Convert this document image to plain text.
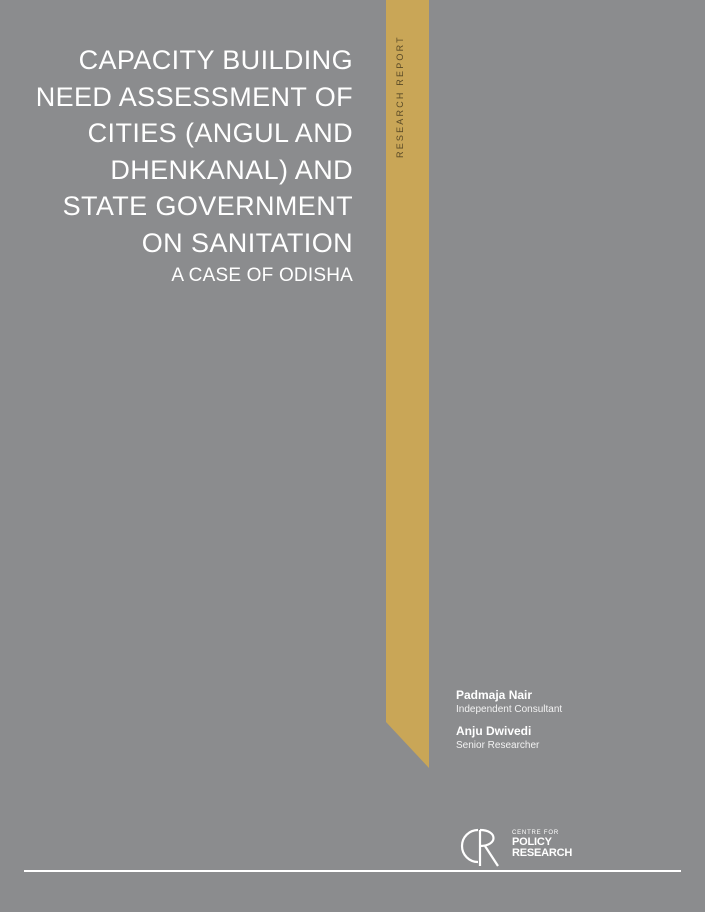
CAPACITY BUILDING
NEED ASSESSMENT OF
CITIES (ANGUL AND
DHENKANAL) AND
STATE GOVERNMENT
ON SANITATION
A CASE OF ODISHA
RESEARCH REPORT
Padmaja Nair
Independent Consultant
Anju Dwivedi
Senior Researcher
CENTRE FOR
POLICY
RESEARCH
